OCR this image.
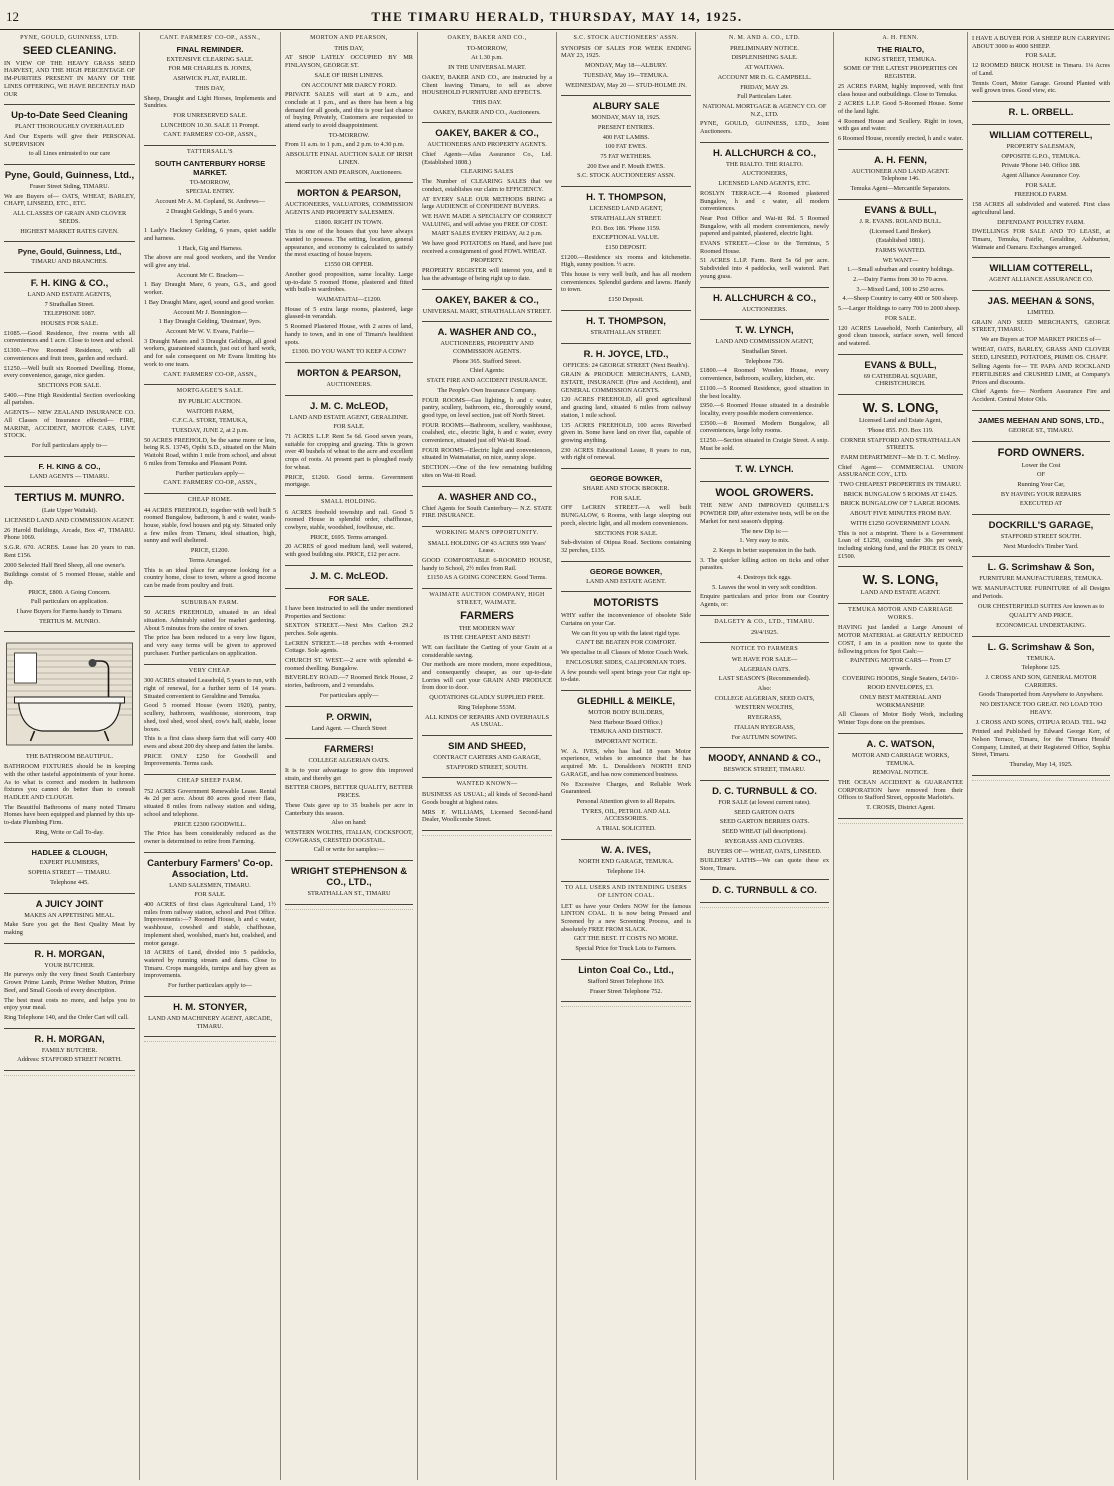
12	THE TIMARU HERALD, THURSDAY, MAY 14, 1925.
PYNE, GOULD, GUINNESS, LTD.
SEED CLEANING.
IN VIEW OF THE HEAVY GRASS SEED HARVEST, AND THE HIGH PERCENTAGE OF IM-PURITIES PRESENT IN MANY OF THE LINES OFFERING, WE HAVE RECENTLY HAD OUR
Up-to-Date Seed Cleaning
PLANT THOROUGHLY OVERHAULED
And Our Experts will give their PERSONAL SUPERVISION
to all Lines entrusted to our care
Pyne, Gould, Guinness, Ltd.,
Fraser Street Siding, TIMARU.
We are Buyers of— OATS, WHEAT, BARLEY, CHAFF, LINSEED, ETC., ETC.
ALL CLASSES OF GRAIN AND CLOVER SEEDS.
HIGHEST MARKET RATES GIVEN.
Pyne, Gould, Guinness, Ltd.,
TIMARU AND BRANCHES.
F. H. KING & CO.,
LAND AND ESTATE AGENTS,
7 Strathallan Street.
TELEPHONE 1087.
HOUSES FOR SALE.
£1085.—Good Residence, five rooms with all conveniences and 1 acre. Close to town and school.
£1300.—Five Roomed Residence, with all conveniences and fruit trees, garden and orchard.
£1250.—Well built six Roomed Dwelling. Home, every convenience, garage, nice garden.
SECTIONS FOR SALE.
£400.—Fine High Residential Section overlooking all parishes.
AGENTS— NEW ZEALAND INSURANCE CO. All Classes of Insurance effected— FIRE, MARINE, ACCIDENT, MOTOR CARS, LIVE STOCK.
For full particulars apply to—
F. H. KING & CO.,
LAND AGENTS — TIMARU.
TERTIUS M. MUNRO.
(Late Upper Waitaki).
LICENSED LAND AND COMMISSION AGENT.
26 Harold Buildings, Arcade, Box 47, TIMARU. Phone 1069.
S.G.R. 670. ACRES. Lease has 20 years to run. Rent £156.
2000 Selected Half Bred Sheep, all one owner's.
Buildings consist of 5 roomed House, stable and dip.
PRICE, £800. A Going Concern.
Full particulars on application.
I have Buyers for Farms handy to Timaru.
TERTIUS M. MUNRO.
THE BATHROOM BEAUTIFUL.
BATHROOM FIXTURES should be in keeping with the other tasteful appointments of your home. As to what is correct and modern in bathroom fixtures you cannot do better than to consult HADLEE AND CLOUGH.
The Beautiful Bathrooms of many noted Timaru Homes have been equipped and planned by this up-to-date Plumbing Firm.
Ring, Write or Call To-day.
HADLEE & CLOUGH,
EXPERT PLUMBERS,
SOPHIA STREET — TIMARU.
Telephone 445.
A JUICY JOINT
MAKES AN APPETISING MEAL.
Make Sure you get the Best Quality Meat by making
R. H. MORGAN,
YOUR BUTCHER.
He purveys only the very finest South Canterbury Grown Prime Lamb, Prime Wether Mutton, Prime Beef, and Small Goods of every description.
The best meat costs no more, and helps you to enjoy your meal.
Ring Telephone 140, and the Order Cart will call.
R. H. MORGAN,
FAMILY BUTCHER.
Address: STAFFORD STREET NORTH.
CANT. FARMERS' CO-OP., ASSN.,
FINAL REMINDER.
EXTENSIVE CLEARING SALE.
FOR MR CHARLES B. JONES,
ASHWICK FLAT, FAIRLIE.
THIS DAY,
Sheep, Draught and Light Horses, Implements and Sundries.
FOR UNRESERVED SALE.
LUNCHEON 10.30. SALE 11 Prompt.
CANT. FARMERS' CO-OP., ASSN.,
TATTERSALL'S
SOUTH CANTERBURY HORSE MARKET.
TO-MORROW,
SPECIAL ENTRY.
Account Mr A. M. Copland, St. Andrews—
2 Draught Geldings, 5 and 6 years.
1 Spring Carter.
1 Lady's Hackney Gelding, 6 years, quiet saddle and harness.
1 Hack, Gig and Harness.
The above are real good workers, and the Vendor will give any trial.
Account Mr C. Bracken—
1 Bay Draught Mare, 6 years, G.S., and good worker.
1 Bay Draught Mare, aged, sound and good worker.
Account Mr J. Bonnington—
1 Bay Draught Gelding, 'Dustman', 9yrs.
Account Mr W. V. Evans, Fairlie—
3 Draught Mares and 3 Draught Geldings, all good workers, guaranteed staunch, just out of hard work, and for sale consequent on Mr Evans limiting his work to one team.
CANT. FARMERS' CO-OP., ASSN.,
MORTGAGEE'S SALE.
BY PUBLIC AUCTION.
WAITOHI FARM,
C.F.C.A. STORE, TEMUKA,
TUESDAY, JUNE 2, at 2 p.m.
50 ACRES FREEHOLD, be the same more or less, being R.S. 13745, Opihi S.D., situated on the Main Waitohi Road, within 1 mile from school, and about 6 miles from Temuka and Pleasant Point.
Further particulars apply—
CANT. FARMERS' CO-OP., ASSN.,
CHEAP HOME.
44 ACRES FREEHOLD, together with well built 5 roomed Bungalow, bathroom, h and c water, wash-house, stable, fowl houses and pig sty. Situated only a few miles from Timaru, ideal situation, high, sunny and well sheltered.
PRICE, £1200.
Terms Arranged.
This is an ideal place for anyone looking for a country home, close to town, where a good income can be made from poultry and fruit.
SUBURBAN FARM.
50 ACRES FREEHOLD, situated in an ideal situation. Admirably suited for market gardening. About 5 minutes from the centre of town.
The price has been reduced to a very low figure, and very easy terms will be given to approved purchaser. Further particulars on application.
VERY CHEAP.
300 ACRES situated Leasehold, 5 years to run, with right of renewal, for a further term of 14 years. Situated convenient to Geraldine and Temuka.
Good 5 roomed House (worn 1920), pantry, scullery, bathroom, washhouse, storeroom, trap shed, tool shed, wool shed, cow's hall, stable, loose boxes.
This is a first class sheep farm that will carry 400 ewes and about 200 dry sheep and fatten the lambs.
PRICE ONLY £250 for Goodwill and Improvements. Terms cash.
CHEAP SHEEP FARM.
752 ACRES Government Renewable Lease. Rental 4s 2d per acre. About 80 acres good river flats, situated 8 miles from railway station and siding, school and telephone.
PRICE £2300 GOODWILL.
The Price has been considerably reduced as the owner is determined to retire from Farming.
Canterbury Farmers' Co-op. Association, Ltd.
LAND SALESMEN, TIMARU.
FOR SALE.
400 ACRES of first class Agricultural Land, 1½ miles from railway station, school and Post Office. Improvements:—7 Roomed House, h and c water, washhouse, cowshed and stable, chaffhouse, implement shed, woolshed, man's hut, coalshed, and motor garage.
18 ACRES of Land, divided into 5 paddocks, watered by running stream and dams. Close to Timaru. Crops mangolds, turnips and hay given as improvements.
For further particulars apply to—
H. M. STONYER,
LAND AND MACHINERY AGENT, ARCADE, TIMARU.
MORTON AND PEARSON,
THIS DAY,
AT SHOP LATELY OCCUPIED BY MR FINLAYSON, GEORGE ST.
SALE OF IRISH LINENS.
ON ACCOUNT MR DARCY FORD.
PRIVATE SALES will start at 9 a.m., and conclude at 1 p.m., and as there has been a big demand for all goods, and this is your last chance of buying Privately, Customers are requested to attend early to avoid disappointment.
TO-MORROW.
From 11 a.m. to 1 p.m., and 2 p.m. to 4.30 p.m.
ABSOLUTE FINAL AUCTION SALE OF IRISH LINEN.
MORTON AND PEARSON, Auctioneers.
MORTON & PEARSON,
AUCTIONEERS, VALUATORS, COMMISSION AGENTS AND PROPERTY SALESMEN.
£1800. RIGHT IN TOWN.
This is one of the houses that you have always wanted to possess. The setting, location, general appearance, and economy is calculated to satisfy the most exacting of house buyers.
£1550 OR OFFER.
Another good proposition, same locality. Large up-to-date 5 roomed Home, plastered and fitted with built-in wardrobes.
WAIMATAITAI—£1200.
House of 5 extra large rooms, plastered, large glassed-in verandah.
5 Roomed Plastered House, with 2 acres of land, handy to town, and in one of Timaru's healthiest spots.
£1300. DO YOU WANT TO KEEP A COW?
MORTON & PEARSON,
AUCTIONEERS.
J. M. C. McLEOD,
LAND AND ESTATE AGENT, GERALDINE.
FOR SALE.
71 ACRES L.I.P. Rent 5s 6d. Good seven years, suitable for cropping and grazing. This is grown over 40 bushels of wheat to the acre and excellent crops of roots. At present part is ploughed ready for wheat.
PRICE, £1260. Good terms. Government mortgage.
SMALL HOLDING.
6 ACRES freehold township and rail. Good 5 roomed House in splendid order, chaffhouse, cowbyre, stable, woodshed, fowlhouse, etc.
PRICE, £695. Terms arranged.
20 ACRES of good medium land, well watered, with good building site. PRICE, £12 per acre.
J. M. C. McLEOD.
FOR SALE.
I have been instructed to sell the under mentioned Properties and Sections:
SEXTON STREET.—Next Mrs Carlton 29.2 perches. Sole agents.
LeCREN STREET.—18 perches with 4-roomed Cottage. Sole agents.
CHURCH ST. WEST.—2 acre with splendid 4-roomed dwelling. Bungalow.
BEVERLEY ROAD.—7 Roomed Brick House, 2 stories, bathroom, and 2 verandahs.
For particulars apply—
P. ORWIN,
Land Agent. — Church Street
FARMERS!
COLLEGE ALGERIAN OATS.
It is to your advantage to grow this improved strain, and thereby get
BETTER CROPS, BETTER QUALITY, BETTER PRICES.
These Oats gave up to 35 bushels per acre in Canterbury this season.
Also on hand:
WESTERN WOLTHS, ITALIAN, COCKSFOOT, COWGRASS, CRESTED DOGSTAIL.
Call or write for samples:—
WRIGHT STEPHENSON & CO., LTD.,
STRATHALLAN ST., TIMARU
OAKEY, BAKER AND CO.,
TO-MORROW,
At 1.30 p.m.
IN THE UNIVERSAL MART.
OAKEY, BAKER AND CO., are instructed by a Client leaving Timaru, to sell as above HOUSEHOLD FURNITURE AND EFFECTS.
THIS DAY.
OAKEY, BAKER AND CO., Auctioneers.
OAKEY, BAKER & CO.,
AUCTIONEERS AND PROPERTY AGENTS.
Chief Agents—Atlas Assurance Co., Ltd. (Established 1808.)
CLEARING SALES
The Number of CLEARING SALES that we conduct, establishes our claim to EFFICIENCY.
AT EVERY SALE OUR METHODS BRING a large AUDIENCE of CONFIDENT BUYERS.
WE HAVE MADE A SPECIALTY OF CORRECT VALUING, and will advise you FREE OF COST.
MART SALES EVERY FRIDAY, At 2 p.m.
We have good POTATOES on Hand, and have just received a consignment of good FOWL WHEAT.
PROPERTY.
PROPERTY REGISTER will interest you, and it has the advantage of being right up to date.
OAKEY, BAKER & CO.,
UNIVERSAL MART, STRATHALLAN STREET.
A. WASHER AND CO.,
AUCTIONEERS, PROPERTY AND COMMISSION AGENTS.
Phone 365. Stafford Street.
Chief Agents:
STATE FIRE AND ACCIDENT INSURANCE.
The People's Own Insurance Company.
FOUR ROOMS—Gas lighting, h and c water, pantry, scullery, bathroom, etc., thoroughly sound, good type, on level section, just off North Street.
FOUR ROOMS—Bathroom, scullery, washhouse, coalshed, etc., electric light, h and c water, every convenience, situated just off Wai-iti Road.
FOUR ROOMS—Electric light and conveniences, situated in Waimataitai, on nice, sunny slope.
SECTION.—One of the few remaining building sites on Wai-iti Road.
A. WASHER AND CO.,
Chief Agents for South Canterbury— N.Z. STATE FIRE INSURANCE.
WORKING MAN'S OPPORTUNITY.
SMALL HOLDING OF 43 ACRES 999 Years' Lease.
GOOD COMFORTABLE 6-ROOMED HOUSE, handy to School, 2½ miles from Rail.
£1150 AS A GOING CONCERN. Good Terms.
WAIMATE AUCTION COMPANY, HIGH STREET, WAIMATE.
FARMERS
THE MODERN WAY
IS THE CHEAPEST AND BEST!
WE can facilitate the Carting of your Grain at a considerable saving.
Our methods are more modern, more expeditious, and consequently cheaper, as our up-to-date Lorries will cart your GRAIN AND PRODUCE from door to door.
QUOTATIONS GLADLY SUPPLIED FREE.
Ring Telephone 553M.
ALL KINDS OF REPAIRS AND OVERHAULS AS USUAL.
SIM AND SHEED,
CONTRACT CARTERS AND GARAGE,
STAFFORD STREET, SOUTH.
WANTED KNOWN—
BUSINESS AS USUAL; all kinds of Second-hand Goods bought at highest rates.
MRS F. WILLIAMS, Licensed Second-hand Dealer, Woollcombe Street.
S.C. STOCK AUCTIONEERS' ASSN.
SYNOPSIS OF SALES FOR WEEK ENDING MAY 23, 1925.
MONDAY, May 18—ALBURY.
TUESDAY, May 19—TEMUKA.
WEDNESDAY, May 20 — STUD-HOLME JN.
ALBURY SALE
MONDAY, MAY 18, 1925.
PRESENT ENTRIES.
400 FAT LAMBS.
100 FAT EWES.
75 FAT WETHERS.
200 Ewe and F. Mouth EWES.
S.C. STOCK AUCTIONEERS' ASSN.
H. T. THOMPSON,
LICENSED LAND AGENT,
STRATHALLAN STREET.
P.O. Box 186. 'Phone 1159.
EXCEPTIONAL VALUE.
£150 DEPOSIT.
£1200.—Residence six rooms and kitchenette. High, sunny position. ½ acre.
This house is very well built, and has all modern conveniences. Splendid gardens and lawns. Handy to town.
£150 Deposit.
H. T. THOMPSON,
STRATHALLAN STREET.
R. H. JOYCE, LTD.,
OFFICES: 24 GEORGE STREET (Next Beath's).
GRAIN & PRODUCE MERCHANTS, LAND, ESTATE, INSURANCE (Fire and Accident), and GENERAL COMMISSION AGENTS.
120 ACRES FREEHOLD, all good agricultural and grazing land, situated 6 miles from railway station, 1 mile school.
135 ACRES FREEHOLD, 100 acres Riverbed given in. Some have land on river flat, capable of growing anything.
230 ACRES Educational Lease, 8 years to run, with right of renewal.
GEORGE BOWKER,
SHARE AND STOCK BROKER.
FOR SALE.
OFF LeCREN STREET.—A well built BUNGALOW, 6 Rooms, with large sleeping out porch, electric light, and all modern conveniences.
SECTIONS FOR SALE.
Sub-division of Otipua Road. Sections containing 32 perches, £135.
GEORGE BOWKER,
LAND AND ESTATE AGENT.
MOTORISTS
WHY suffer the inconvenience of obsolete Side Curtains on your Car.
We can fit you up with the latest rigid type.
CAN'T BE BEATEN FOR COMFORT.
We specialise in all Classes of Motor Coach Work.
ENCLOSURE SIDES, CALIFORNIAN TOPS.
A few pounds well spent brings your Car right up-to-date.
GLEDHILL & MEIKLE,
MOTOR BODY BUILDERS,
Next Harbour Board Office.)
TEMUKA AND DISTRICT.
IMPORTANT NOTICE.
W. A. IVES, who has had 18 years Motor experience, wishes to announce that he has acquired Mr. L. Donaldson's NORTH END GARAGE, and has now commenced business.
No Excessive Charges, and Reliable Work Guaranteed.
Personal Attention given to all Repairs.
TYRES, OIL, PETROL AND ALL ACCESSORIES.
A TRIAL SOLICITED.
W. A. IVES,
NORTH END GARAGE, TEMUKA.
Telephone 114.
TO ALL USERS AND INTENDING USERS OF LINTON COAL.
LET us have your Orders NOW for the famous LINTON COAL. It is now being Pressed and Screened by a new Screening Process, and is absolutely FREE FROM SLACK.
GET THE BEST. IT COSTS NO MORE.
Special Price for Truck Lots to Farmers.
Linton Coal Co., Ltd.,
Stafford Street Telephone 163.
Fraser Street Telephone 752.
N. M. AND A. CO., LTD.
PRELIMINARY NOTICE.
DISPLENISHING SALE.
AT WAITAWA.
ACCOUNT MR D. G. CAMPBELL.
FRIDAY, MAY 29.
Full Particulars Later.
NATIONAL MORTGAGE & AGENCY CO. OF N.Z., LTD.
PYNE, GOULD, GUINNESS, LTD., Joint Auctioneers.
H. ALLCHURCH & CO.,
THE RIALTO. THE RIALTO.
AUCTIONEERS,
LICENSED LAND AGENTS, ETC.
ROSLYN TERRACE.—4 Roomed plastered Bungalow, h and c water, all modern conveniences.
Near Post Office and Wai-iti Rd. 5 Roomed Bungalow, with all modern conveniences, newly papered and painted, plastered, electric light.
EVANS STREET.—Close to the Terminus, 5 Roomed House.
51 ACRES L.I.P. Farm. Rent 5s 6d per acre. Subdivided into 4 paddocks, well watered. Part young grass.
H. ALLCHURCH & CO.,
AUCTIONEERS.
T. W. LYNCH,
LAND AND COMMISSION AGENT,
Strathallan Street.
Telephone 736.
£1800.—4 Roomed Wooden House, every convenience, bathroom, scullery, kitchen, etc.
£1100.—5 Roomed Residence, good situation in the best locality.
£950.—6 Roomed House situated in a desirable locality, every possible modern convenience.
£3500.—8 Roomed Modern Bungalow, all conveniences, large lofty rooms.
£1250.—Section situated in Craigie Street. A snip. Must be sold.
T. W. LYNCH.
WOOL GROWERS.
THE NEW AND IMPROVED QUIBELL'S POWDER DIP, after extensive tests, will be on the Market for next season's dipping.
The new Dip is:—
1. Very easy to mix.
2. Keeps in better suspension in the bath.
3. The quicker killing action on ticks and other parasites.
4. Destroys tick eggs.
5. Leaves the wool in very soft condition.
Enquire particulars and price from our Country Agents, or:
DALGETY & CO., LTD., TIMARU.
29/4/1925.
NOTICE TO FARMERS
WE HAVE FOR SALE—
ALGERIAN OATS.
LAST SEASON'S (Recommended).
Also:
COLLEGE ALGERIAN, SEED OATS,
WESTERN WOLTHS,
RYEGRASS,
ITALIAN RYEGRASS,
For AUTUMN SOWING.
MOODY, ANNAND & CO.,
BESWICK STREET, TIMARU.
D. C. TURNBULL & CO.
FOR SALE (at lowest current rates).
SEED GARTON OATS
SEED GARTON BERRIES OATS.
SEED WHEAT (all descriptions).
RYEGRASS AND CLOVERS.
BUYERS OF— WHEAT, OATS, LINSEED.
BUILDERS' LATHS—We can quote these ex Store, Timaru.
D. C. TURNBULL & CO.
A. H. FENN.
THE RIALTO,
KING STREET, TEMUKA.
SOME OF THE LATEST PROPERTIES ON REGISTER.
25 ACRES FARM, highly improved, with first class house and outbuildings. Close to Temuka.
2 ACRES L.I.P. Good 5-Roomed House. Some of the land light.
4 Roomed House and Scullery. Right in town, with gas and water.
6 Roomed House, recently erected, h and c water.
A. H. FENN,
AUCTIONEER AND LAND AGENT. Telephone 146.
Temuka Agent—Mercantile Separators.
EVANS & BULL,
J. R. EVANS. ROLAND BULL.
(Licensed Land Broker).
(Established 1881).
FARMS WANTED.
WE WANT—
1.—Small suburban and country holdings.
2.—Dairy Farms from 30 to 70 acres.
3.—Mixed Land, 100 to 250 acres.
4.—Sheep Country to carry 400 or 500 sheep.
5.—Larger Holdings to carry 700 to 2000 sheep.
FOR SALE.
120 ACRES Leasehold, North Canterbury, all good clean tussock, surface sown, well fenced and watered.
EVANS & BULL,
69 CATHEDRAL SQUARE, CHRISTCHURCH.
W. S. LONG,
Licensed Land and Estate Agent,
'Phone 855. P.O. Box 119.
CORNER STAFFORD AND STRATHALLAN STREETS.
FARM DEPARTMENT—Mr D. T. C. McIlroy.
Chief Agent— COMMERCIAL UNION ASSURANCE COY., LTD.
TWO CHEAPEST PROPERTIES IN TIMARU.
BRICK BUNGALOW 5 ROOMS AT £1425.
BRICK BUNGALOW OF 7 LARGE ROOMS.
ABOUT FIVE MINUTES FROM BAY.
WITH £1250 GOVERNMENT LOAN.
This is not a misprint. There is a Government Loan of £1250, costing under 30s per week, including sinking fund, and the PRICE IS ONLY £1500.
W. S. LONG,
LAND AND ESTATE AGENT.
TEMUKA MOTOR AND CARRIAGE WORKS.
HAVING just landed a Large Amount of MOTOR MATERIAL at GREATLY REDUCED COST, I am in a position now to quote the following prices for Spot Cash:—
PAINTING MOTOR CARS— From £7 upwards.
COVERING HOODS, Single Seaters, £4/10/-
ROOD ENVELOPES, £3.
ONLY BEST MATERIAL AND WORKMANSHIP.
All Classes of Motor Body Work, including Winter Tops done on the premises.
A. C. WATSON,
MOTOR AND CARRIAGE WORKS, TEMUKA.
REMOVAL NOTICE.
THE OCEAN ACCIDENT & GUARANTEE CORPORATION have removed from their Offices to Stafford Street, opposite Marlotte's.
T. CROSIS, District Agent.
I HAVE A BUYER FOR A SHEEP RUN CARRYING ABOUT 3000 to 4000 SHEEP.
FOR SALE.
12 ROOMED BRICK HOUSE in Timaru. 1¼ Acres of Land.
Tennis Court, Motor Garage. Ground Planted with well grown trees. Good view, etc.
R. L. ORBELL.
WILLIAM COTTERELL,
PROPERTY SALESMAN,
OPPOSITE G.P.O., TEMUKA.
Private 'Phone 140. Office 188.
Agent Alliance Assurance Coy.
FOR SALE.
FREEHOLD FARM.
158 ACRES all subdivided and watered. First class agricultural land.
DEFENDANT POULTRY FARM.
DWELLINGS FOR SALE AND TO LEASE, at Timaru, Temuka, Fairlie, Geraldine, Ashburton, Waimate and Oamaru. Exchanges arranged.
WILLIAM COTTERELL,
AGENT ALLIANCE ASSURANCE CO.
JAS. MEEHAN & SONS,
LIMITED.
GRAIN AND SEED MERCHANTS, GEORGE STREET, TIMARU.
We are Buyers at TOP MARKET PRICES of—
WHEAT, OATS, BARLEY, GRASS AND CLOVER SEED, LINSEED, POTATOES, PRIME OS. CHAFF.
Selling Agents for— TE PAPA AND ROCKLAND FERTILISERS and CRUSHED LIME, at Company's Prices and discounts.
Chief Agents for— Northern Assurance Fire and Accident. Central Motor Oils.
JAMES MEEHAN AND SONS, LTD.,
GEORGE ST., TIMARU.
FORD OWNERS.
Lower the Cost
OF
Running Your Car,
BY HAVING YOUR REPAIRS
EXECUTED AT
DOCKRILL'S GARAGE,
STAFFORD STREET SOUTH.
Next Murdoch's Timber Yard.
L. G. Scrimshaw & Son,
FURNITURE MANUFACTURERS, TEMUKA.
WE MANUFACTURE FURNITURE of all Designs and Periods.
OUR CHESTERFIELD SUITES Are known as to
QUALITY AND PRICE.
ECONOMICAL UNDERTAKING.
L. G. Scrimshaw & Son,
TEMUKA.
Telephone 125.
J. CROSS AND SON, GENERAL MOTOR CARRIERS.
Goods Transported from Anywhere to Anywhere.
NO DISTANCE TOO GREAT. NO LOAD TOO HEAVY.
J. CROSS AND SONS, OTIPUA ROAD. TEL. 942
Printed and Published by Edward George Kerr, of Nelson Terrace, Timaru, for the 'Timaru Herald' Company, Limited, at their Registered Office, Sophia Street, Timaru.
Thursday, May 14, 1925.
